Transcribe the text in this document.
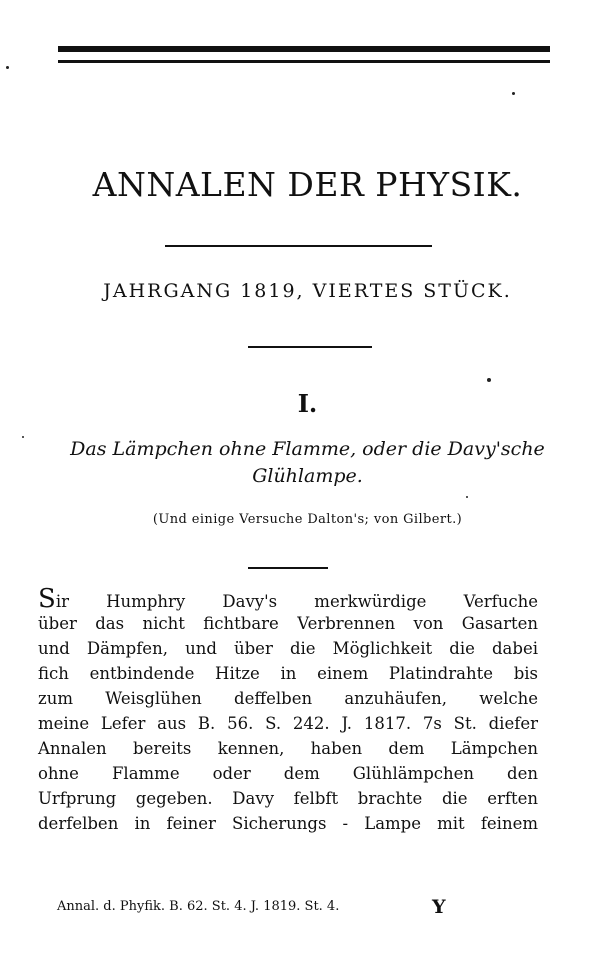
ANNALEN DER PHYSIK.
JAHRGANG 1819, VIERTES STÜCK.
I.
Das Lämpchen ohne Flamme, oder die Davy'sche Glühlampe.
(Und einige Versuche Dalton's; von Gilbert.)
Sir Humphry Davy's merkwürdige Verfuche
über das nicht fichtbare Verbrennen von Gasarten
und Dämpfen, und über die Möglichkeit die dabei
fich entbindende Hitze in einem Platindrahte bis
zum Weisglühen deffelben anzuhäufen, welche
meine Lefer aus B. 56. S. 242. J. 1817. 7s St. diefer
Annalen bereits kennen, haben dem Lämpchen
ohne Flamme oder dem Glühlämpchen den
Urfprung gegeben. Davy felbft brachte die erften
derfelben in feiner Sicherungs - Lampe mit feinem
Annal. d. Phyfik. B. 62. St. 4. J. 1819. St. 4.	Y
